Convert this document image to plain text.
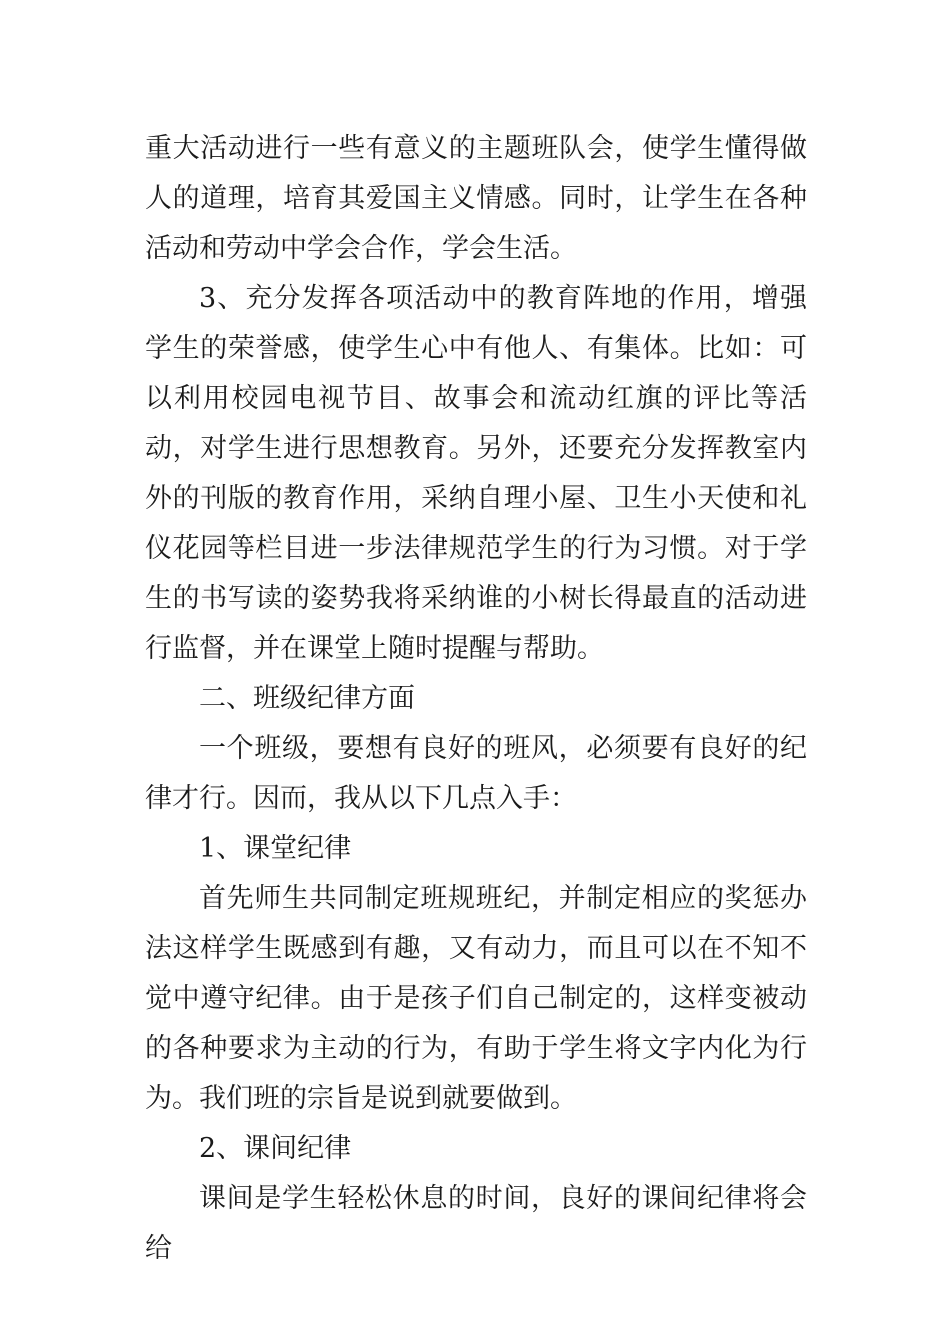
重大活动进行一些有意义的主题班队会，使学生懂得做人的道理，培育其爱国主义情感。同时，让学生在各种活动和劳动中学会合作，学会生活。

3、充分发挥各项活动中的教育阵地的作用，增强学生的荣誉感，使学生心中有他人、有集体。比如：可以利用校园电视节目、故事会和流动红旗的评比等活动，对学生进行思想教育。另外，还要充分发挥教室内外的刊版的教育作用，采纳自理小屋、卫生小天使和礼仪花园等栏目进一步法律规范学生的行为习惯。对于学生的书写读的姿势我将采纳谁的小树长得最直的活动进行监督，并在课堂上随时提醒与帮助。

二、班级纪律方面

一个班级，要想有良好的班风，必须要有良好的纪律才行。因而，我从以下几点入手：

1、课堂纪律

首先师生共同制定班规班纪，并制定相应的奖惩办法这样学生既感到有趣，又有动力，而且可以在不知不觉中遵守纪律。由于是孩子们自己制定的，这样变被动的各种要求为主动的行为，有助于学生将文字内化为行为。我们班的宗旨是说到就要做到。

2、课间纪律

课间是学生轻松休息的时间，良好的课间纪律将会给
